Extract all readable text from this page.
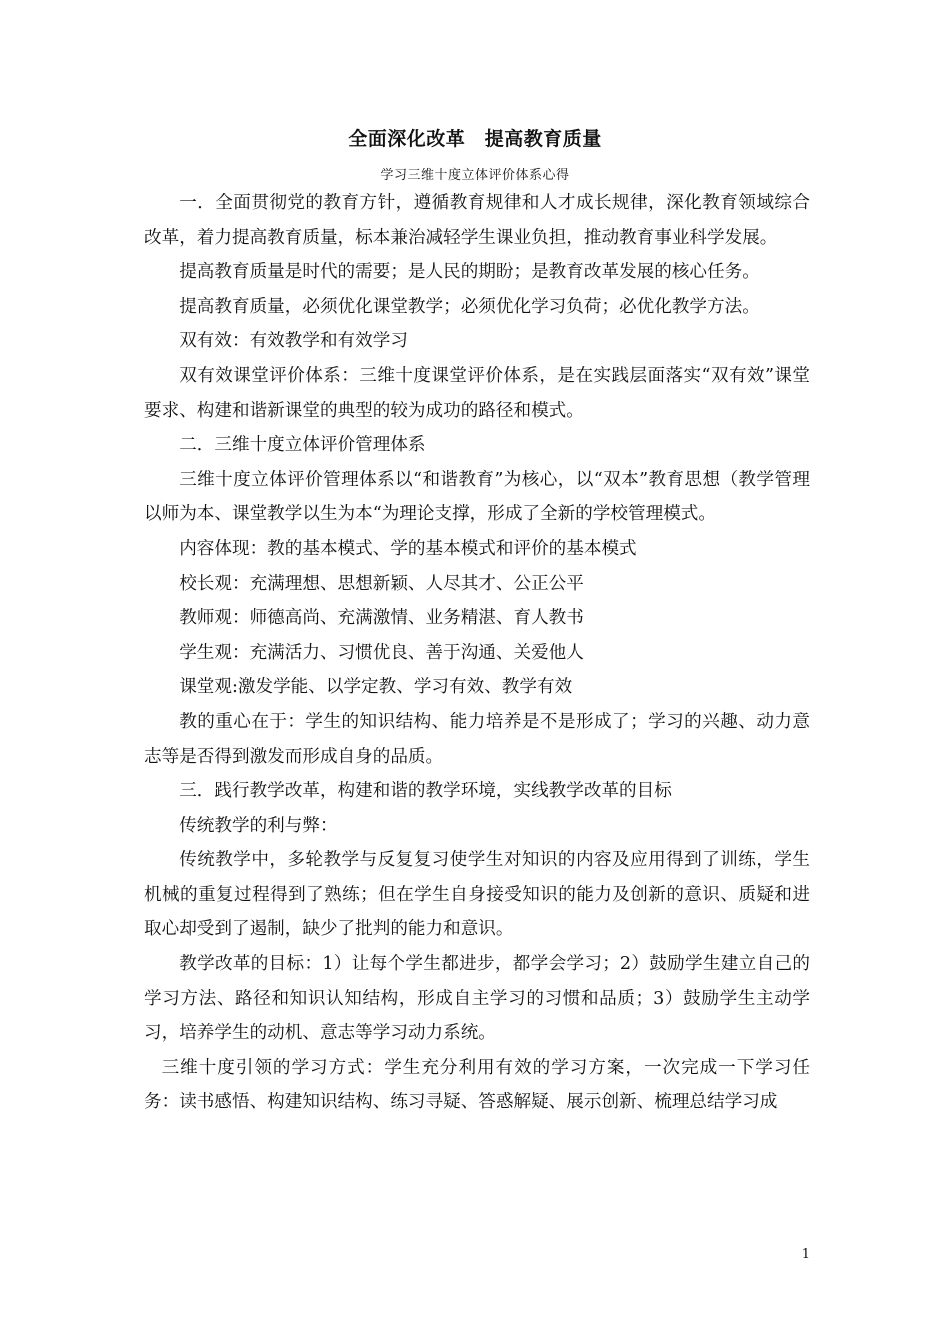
全面深化改革　提高教育质量
学习三维十度立体评价体系心得

一．全面贯彻党的教育方针，遵循教育规律和人才成长规律，深化教育领域综合改革，着力提高教育质量，标本兼治减轻学生课业负担，推动教育事业科学发展。

提高教育质量是时代的需要；是人民的期盼；是教育改革发展的核心任务。

提高教育质量，必须优化课堂教学；必须优化学习负荷；必优化教学方法。

双有效：有效教学和有效学习

双有效课堂评价体系：三维十度课堂评价体系，是在实践层面落实“双有效”课堂要求、构建和谐新课堂的典型的较为成功的路径和模式。

二．三维十度立体评价管理体系

三维十度立体评价管理体系以“和谐教育”为核心，以“双本”教育思想（教学管理以师为本、课堂教学以生为本“为理论支撑，形成了全新的学校管理模式。

内容体现：教的基本模式、学的基本模式和评价的基本模式

校长观：充满理想、思想新颖、人尽其才、公正公平

教师观：师德高尚、充满激情、业务精湛、育人教书

学生观：充满活力、习惯优良、善于沟通、关爱他人

课堂观:激发学能、以学定教、学习有效、教学有效

教的重心在于：学生的知识结构、能力培养是不是形成了；学习的兴趣、动力意志等是否得到激发而形成自身的品质。

三．践行教学改革，构建和谐的教学环境，实线教学改革的目标

传统教学的利与弊：

传统教学中，多轮教学与反复复习使学生对知识的内容及应用得到了训练，学生机械的重复过程得到了熟练；但在学生自身接受知识的能力及创新的意识、质疑和进取心却受到了遏制，缺少了批判的能力和意识。

教学改革的目标：1）让每个学生都进步，都学会学习；2）鼓励学生建立自己的学习方法、路径和知识认知结构，形成自主学习的习惯和品质；3）鼓励学生主动学习，培养学生的动机、意志等学习动力系统。

三维十度引领的学习方式：学生充分利用有效的学习方案，一次完成一下学习任务：读书感悟、构建知识结构、练习寻疑、答惑解疑、展示创新、梳理总结学习成

1
